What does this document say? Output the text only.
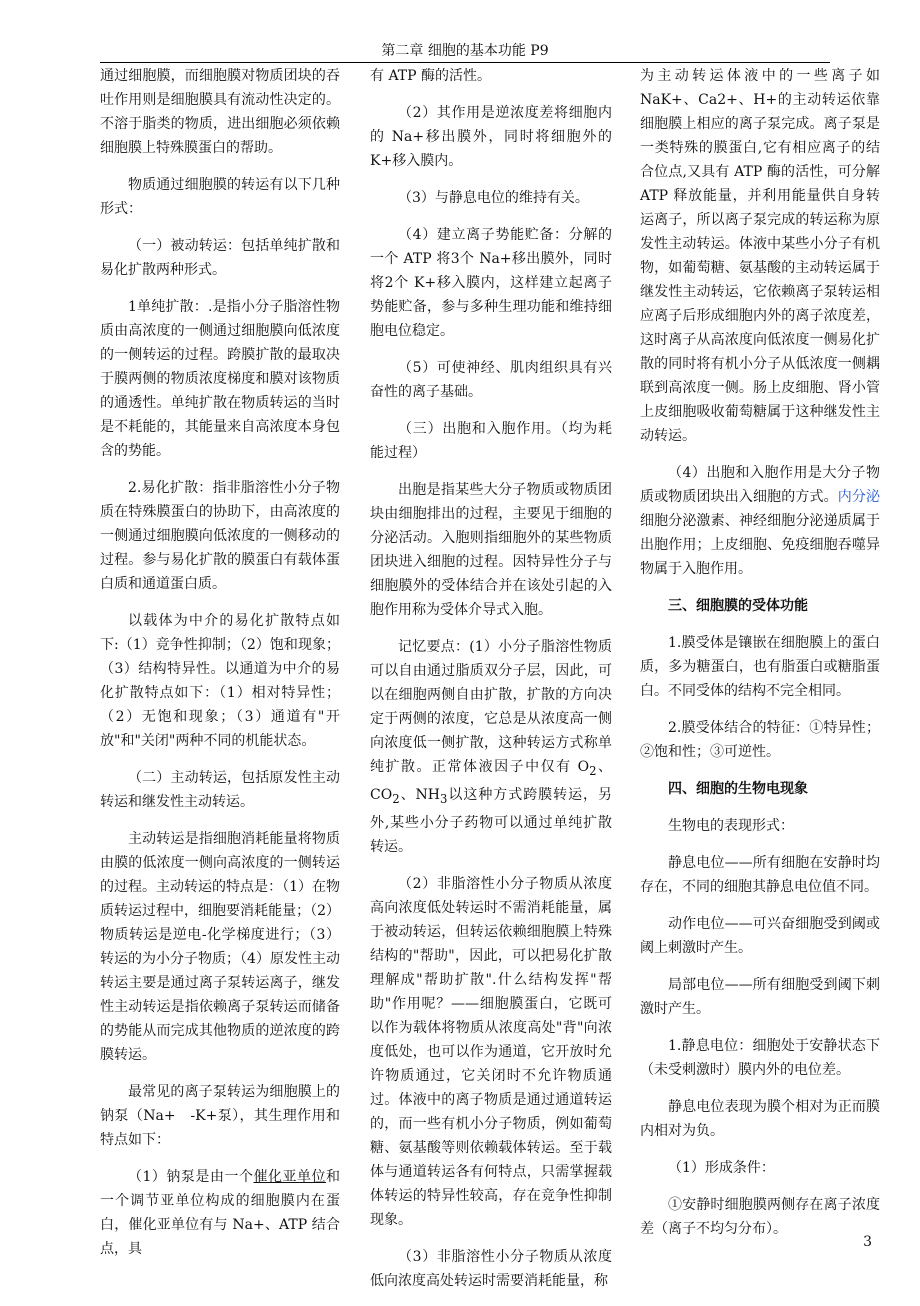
第二章 细胞的基本功能 P9

通过细胞膜，而细胞膜对物质团块的吞吐作用则是细胞膜具有流动性决定的。不溶于脂类的物质，进出细胞必须依赖细胞膜上特殊膜蛋白的帮助。

物质通过细胞膜的转运有以下几种形式：

（一）被动转运：包括单纯扩散和易化扩散两种形式。

1单纯扩散：.是指小分子脂溶性物质由高浓度的一侧通过细胞膜向低浓度的一侧转运的过程。跨膜扩散的最取决于膜两侧的物质浓度梯度和膜对该物质的通透性。单纯扩散在物质转运的当时是不耗能的，其能量来自高浓度本身包含的势能。

2.易化扩散：指非脂溶性小分子物质在特殊膜蛋白的协助下，由高浓度的一侧通过细胞膜向低浓度的一侧移动的过程。参与易化扩散的膜蛋白有载体蛋白质和通道蛋白质。

以载体为中介的易化扩散特点如下:（1）竞争性抑制；（2）饱和现象；（3）结构特异性。以通道为中介的易化扩散特点如下：（1）相对特异性；（2）无饱和现象；（3）通道有"开放"和"关闭"两种不同的机能状态。

（二）主动转运，包括原发性主动转运和继发性主动转运。

主动转运是指细胞消耗能量将物质由膜的低浓度一侧向高浓度的一侧转运的过程。主动转运的特点是：（1）在物质转运过程中，细胞要消耗能量；（2）物质转运是逆电-化学梯度进行；（3）转运的为小分子物质；（4）原发性主动转运主要是通过离子泵转运离子，继发性主动转运是指依赖离子泵转运而储备的势能从而完成其他物质的逆浓度的跨膜转运。

最常见的离子泵转运为细胞膜上的钠泵（Na+　-K+泵），其生理作用和特点如下：

（1）钠泵是由一个催化亚单位和一个调节亚单位构成的细胞膜内在蛋白，催化亚单位有与 Na+、ATP 结合点，具

有 ATP 酶的活性。

（2）其作用是逆浓度差将细胞内的 Na+移出膜外，同时将细胞外的 K+移入膜内。

（3）与静息电位的维持有关。

（4）建立离子势能贮备：分解的一个 ATP 将3个 Na+移出膜外，同时将2个 K+移入膜内，这样建立起离子势能贮备，参与多种生理功能和维持细胞电位稳定。

（5）可使神经、肌肉组织具有兴奋性的离子基础。

（三）出胞和入胞作用。（均为耗能过程）

出胞是指某些大分子物质或物质团块由细胞排出的过程，主要见于细胞的分泌活动。入胞则指细胞外的某些物质团块进入细胞的过程。因特异性分子与细胞膜外的受体结合并在该处引起的入胞作用称为受体介导式入胞。

记忆要点：(1）小分子脂溶性物质可以自由通过脂质双分子层，因此，可以在细胞两侧自由扩散，扩散的方向决定于两侧的浓度，它总是从浓度高一侧向浓度低一侧扩散，这种转运方式称单纯扩散。正常体液因子中仅有 $O_2$、$CO_2$、$NH_3$以这种方式跨膜转运，另外,某些小分子药物可以通过单纯扩散转运。

（2）非脂溶性小分子物质从浓度高向浓度低处转运时不需消耗能量，属于被动转运，但转运依赖细胞膜上特殊结构的"帮助"，因此，可以把易化扩散理解成"帮助扩散".什么结构发挥"帮助"作用呢？——细胞膜蛋白，它既可以作为载体将物质从浓度高处"背"向浓度低处，也可以作为通道，它开放时允许物质通过，它关闭时不允许物质通过。体液中的离子物质是通过通道转运的，而一些有机小分子物质，例如葡萄糖、氨基酸等则依赖载体转运。至于载体与通道转运各有何特点，只需掌握载体转运的特异性较高，存在竞争性抑制现象。

（3）非脂溶性小分子物质从浓度低向浓度高处转运时需要消耗能量，称

为主动转运体液中的一些离子如 NaK+、Ca2+、H+的主动转运依靠细胞膜上相应的离子泵完成。离子泵是一类特殊的膜蛋白,它有相应离子的结合位点,又具有 ATP 酶的活性，可分解 ATP 释放能量，并利用能量供自身转运离子，所以离子泵完成的转运称为原发性主动转运。体液中某些小分子有机物，如葡萄糖、氨基酸的主动转运属于继发性主动转运，它依赖离子泵转运相应离子后形成细胞内外的离子浓度差，这时离子从高浓度向低浓度一侧易化扩散的同时将有机小分子从低浓度一侧耦联到高浓度一侧。肠上皮细胞、肾小管上皮细胞吸收葡萄糖属于这种继发性主动转运。

（4）出胞和入胞作用是大分子物质或物质团块出入细胞的方式。内分泌细胞分泌激素、神经细胞分泌递质属于出胞作用；上皮细胞、免疫细胞吞噬异物属于入胞作用。

三、细胞膜的受体功能

1.膜受体是镶嵌在细胞膜上的蛋白质，多为糖蛋白，也有脂蛋白或糖脂蛋白。不同受体的结构不完全相同。

2.膜受体结合的特征：①特异性；②饱和性；③可逆性。

四、细胞的生物电现象

生物电的表现形式：

静息电位——所有细胞在安静时均存在，不同的细胞其静息电位值不同。

动作电位——可兴奋细胞受到阈或阈上刺激时产生。

局部电位——所有细胞受到阈下刺激时产生。

1.静息电位：细胞处于安静状态下（未受刺激时）膜内外的电位差。

静息电位表现为膜个相对为正而膜内相对为负。

（1）形成条件：

①安静时细胞膜两侧存在离子浓度差（离子不均匀分布）。

3
